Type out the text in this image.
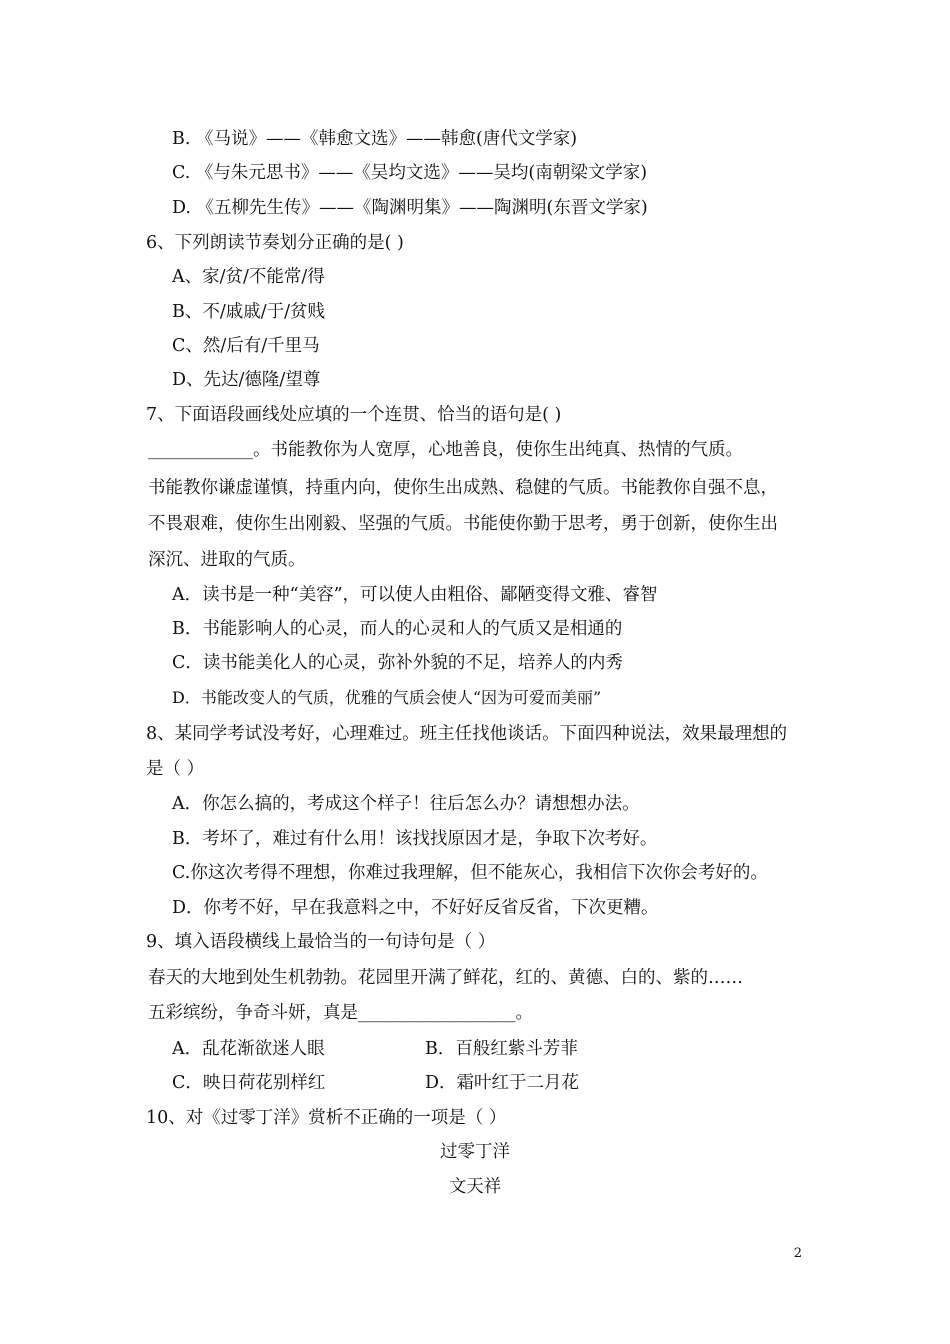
B. 《马说》——《韩愈文选》——韩愈(唐代文学家)
C. 《与朱元思书》——《吴均文选》——吴均(南朝梁文学家)
D. 《五柳先生传》——《陶渊明集》——陶渊明(东晋文学家)
6、下列朗读节奏划分正确的是( )
A、家/贫/不能常/得
B、不/戚戚/于/贫贱
C、然/后有/千里马
D、先达/德隆/望尊
7、下面语段画线处应填的一个连贯、恰当的语句是( )
____________。书能教你为人宽厚，心地善良，使你生出纯真、热情的气质。
书能教你谦虚谨慎，持重内向，使你生出成熟、稳健的气质。书能教你自强不息，
不畏艰难，使你生出刚毅、坚强的气质。书能使你勤于思考，勇于创新，使你生出
深沉、进取的气质。
A．读书是一种“美容”，可以使人由粗俗、鄙陋变得文雅、睿智
B．书能影响人的心灵，而人的心灵和人的气质又是相通的
C．读书能美化人的心灵，弥补外貌的不足，培养人的内秀
D．书能改变人的气质，优雅的气质会使人“因为可爱而美丽”
8、某同学考试没考好，心理难过。班主任找他谈话。下面四种说法，效果最理想的
是（ ）
A．你怎么搞的，考成这个样子！往后怎么办？请想想办法。
B．考坏了，难过有什么用！该找找原因才是，争取下次考好。
C.你这次考得不理想，你难过我理解，但不能灰心，我相信下次你会考好的。
D．你考不好，早在我意料之中，不好好反省反省，下次更糟。
9、填入语段横线上最恰当的一句诗句是（ ）
春天的大地到处生机勃勃。花园里开满了鲜花，红的、黄德、白的、紫的……
五彩缤纷，争奇斗妍，真是__________________。
A．乱花渐欲迷人眼	B．百般红紫斗芳菲
C．映日荷花别样红	D．霜叶红于二月花
10、对《过零丁洋》赏析不正确的一项是（ ）
过零丁洋
文天祥
2
